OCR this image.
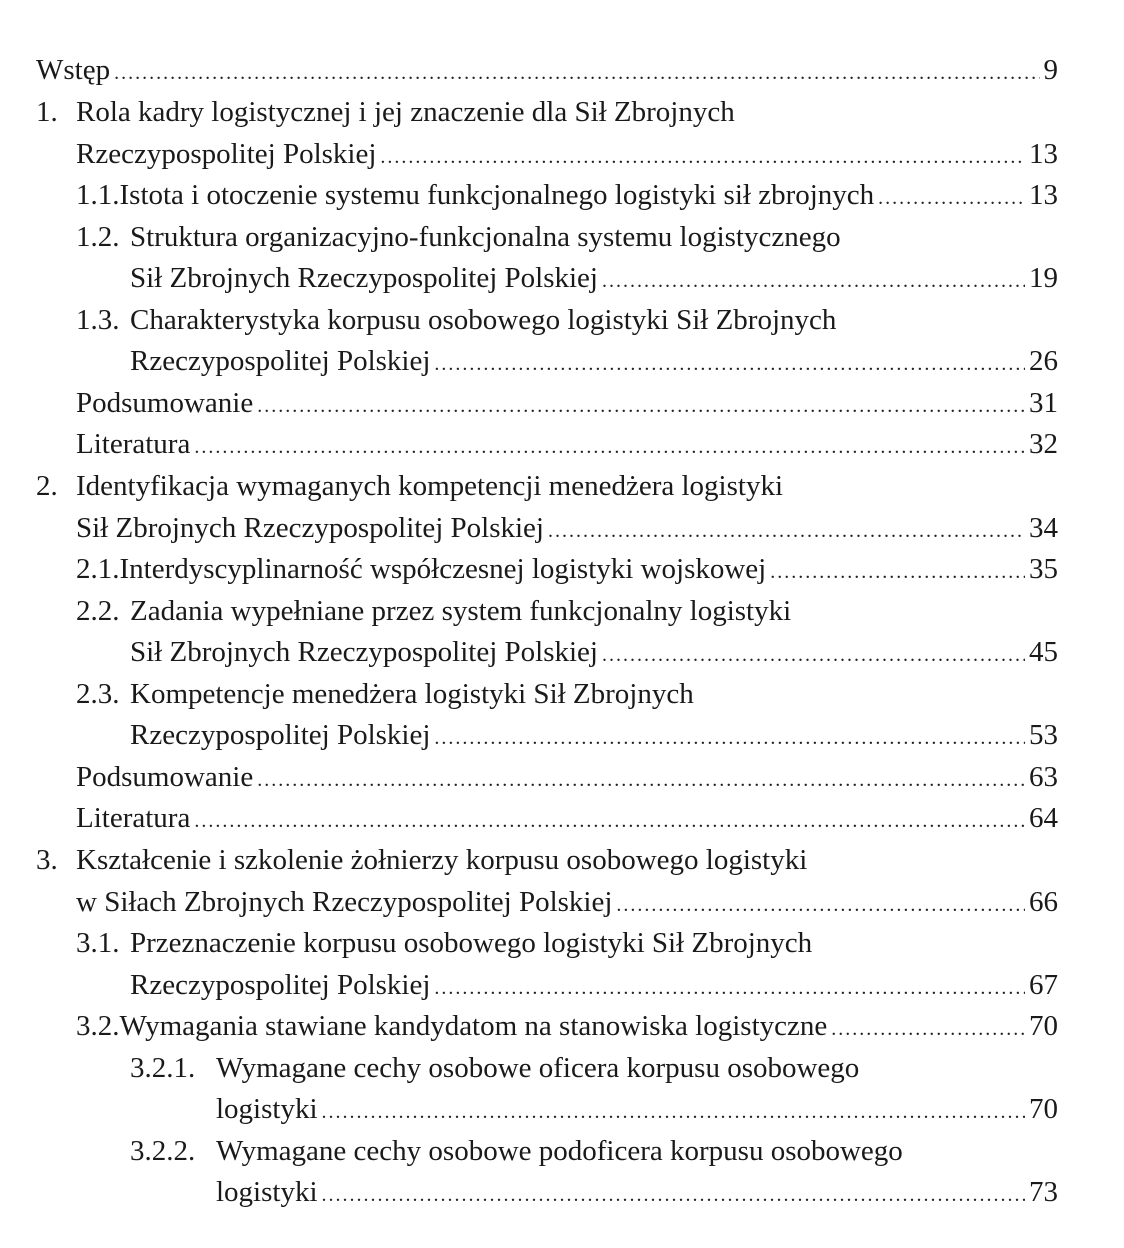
Wstęp .....	9
1. Rola kadry logistycznej i jej znaczenie dla Sił Zbrojnych
Rzeczypospolitej Polskiej .....	13
1.1. Istota i otoczenie systemu funkcjonalnego logistyki sił zbrojnych .....	13
1.2. Struktura organizacyjno-funkcjonalna systemu logistycznego
Sił Zbrojnych Rzeczypospolitej Polskiej .....	19
1.3. Charakterystyka korpusu osobowego logistyki Sił Zbrojnych
Rzeczypospolitej Polskiej .....	26
Podsumowanie .....	31
Literatura .....	32
2. Identyfikacja wymaganych kompetencji menedżera logistyki
Sił Zbrojnych Rzeczypospolitej Polskiej .....	34
2.1. Interdyscyplinarność współczesnej logistyki wojskowej .....	35
2.2. Zadania wypełniane przez system funkcjonalny logistyki
Sił Zbrojnych Rzeczypospolitej Polskiej .....	45
2.3. Kompetencje menedżera logistyki Sił Zbrojnych
Rzeczypospolitej Polskiej .....	53
Podsumowanie .....	63
Literatura .....	64
3. Kształcenie i szkolenie żołnierzy korpusu osobowego logistyki
w Siłach Zbrojnych Rzeczypospolitej Polskiej .....	66
3.1. Przeznaczenie korpusu osobowego logistyki Sił Zbrojnych
Rzeczypospolitej Polskiej .....	67
3.2. Wymagania stawiane kandydatom na stanowiska logistyczne .....	70
3.2.1. Wymagane cechy osobowe oficera korpusu osobowego
logistyki .....	70
3.2.2. Wymagane cechy osobowe podoficera korpusu osobowego
logistyki .....	73
